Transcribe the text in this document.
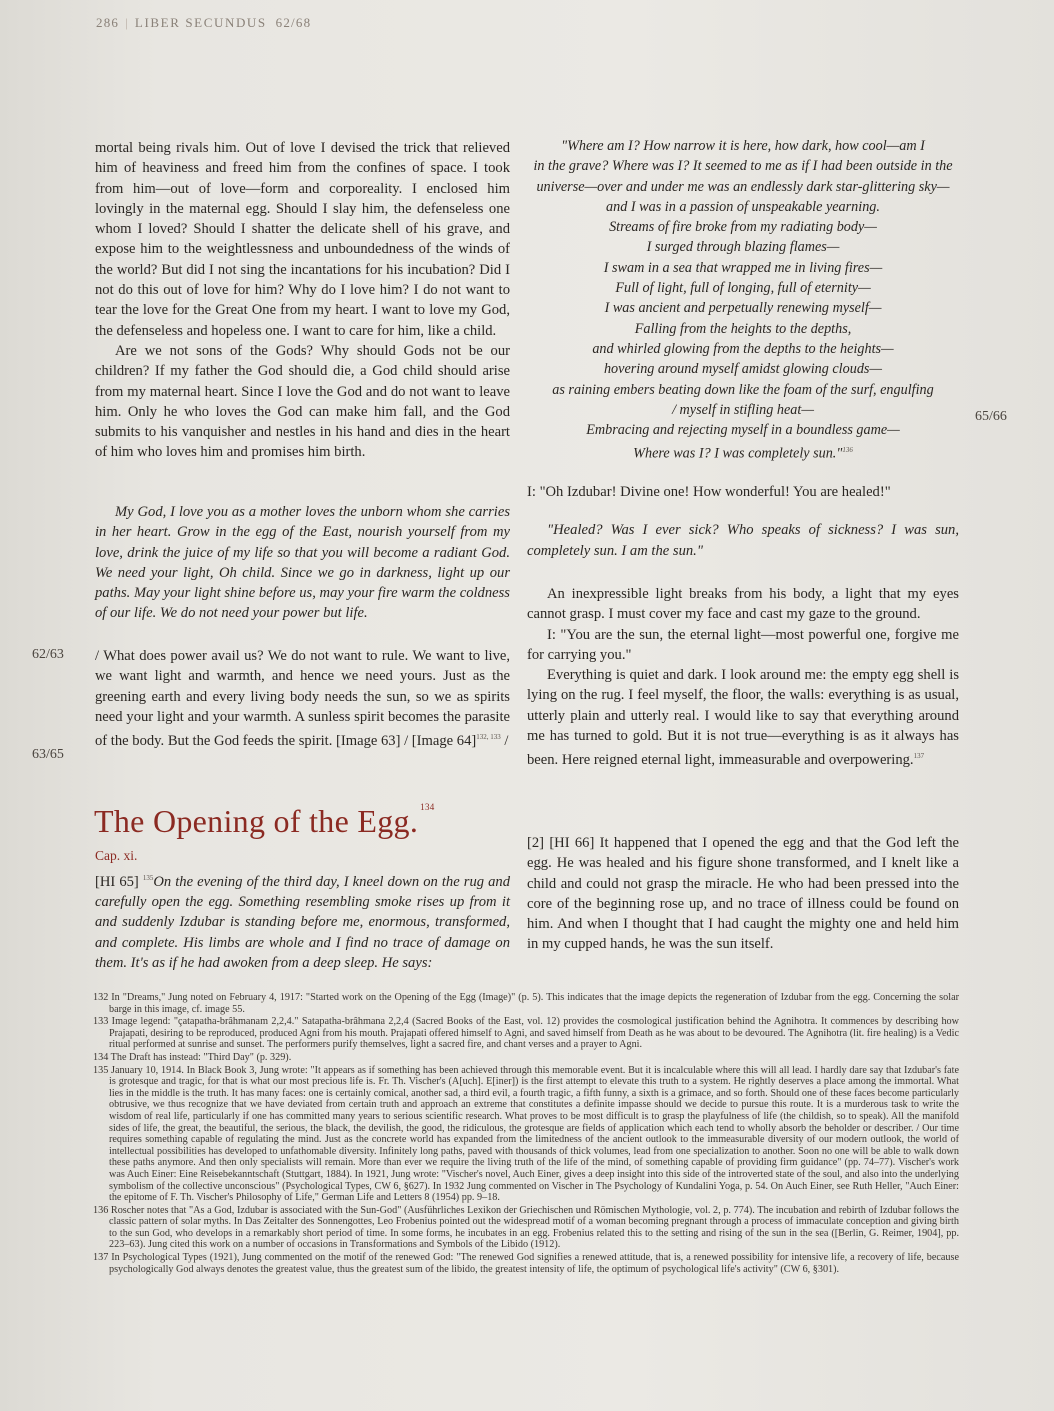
286 | LIBER SECUNDUS 62/68

mortal being rivals him. Out of love I devised the trick that relieved him of heaviness and freed him from the confines of space. I took from him—out of love—form and corporeality. I enclosed him lovingly in the maternal egg. Should I slay him, the defenseless one whom I loved? Should I shatter the delicate shell of his grave, and expose him to the weightlessness and unboundedness of the winds of the world? But did I not sing the incantations for his incubation? Did I not do this out of love for him? Why do I love him? I do not want to tear the love for the Great One from my heart. I want to love my God, the defenseless and hopeless one. I want to care for him, like a child.

Are we not sons of the Gods? Why should Gods not be our children? If my father the God should die, a God child should arise from my maternal heart. Since I love the God and do not want to leave him. Only he who loves the God can make him fall, and the God submits to his vanquisher and nestles in his hand and dies in the heart of him who loves him and promises him birth.

My God, I love you as a mother loves the unborn whom she carries in her heart. Grow in the egg of the East, nourish yourself from my love, drink the juice of my life so that you will become a radiant God. We need your light, Oh child. Since we go in darkness, light up our paths. May your light shine before us, may your fire warm the coldness of our life. We do not need your power but life.

/ What does power avail us? We do not want to rule. We want to live, we want light and warmth, and hence we need yours. Just as the greening earth and every living body needs the sun, so we as spirits need your light and your warmth. A sunless spirit becomes the parasite of the body. But the God feeds the spirit. [Image 63] / [Image 64]$^{132, 133}$ /

62/63
63/65
65/66
The Opening of the Egg. $^{134}$
Cap. xi.

[HI 65] $^{135}$On the evening of the third day, I kneel down on the rug and carefully open the egg. Something resembling smoke rises up from it and suddenly Izdubar is standing before me, enormous, transformed, and complete. His limbs are whole and I find no trace of damage on them. It's as if he had awoken from a deep sleep. He says:

"Where am I? How narrow it is here, how dark, how cool—am I
in the grave? Where was I? It seemed to me as if I had been outside in the
universe—over and under me was an endlessly dark star-glittering sky—
and I was in a passion of unspeakable yearning.
Streams of fire broke from my radiating body—
I surged through blazing flames—
I swam in a sea that wrapped me in living fires—
Full of light, full of longing, full of eternity—
I was ancient and perpetually renewing myself—
Falling from the heights to the depths,
and whirled glowing from the depths to the heights—
hovering around myself amidst glowing clouds—
as raining embers beating down like the foam of the surf, engulfing
/ myself in stifling heat—
Embracing and rejecting myself in a boundless game—
Where was I? I was completely sun."$^{136}$

I: "Oh Izdubar! Divine one! How wonderful! You are healed!"

"Healed? Was I ever sick? Who speaks of sickness? I was sun, completely sun. I am the sun."

An inexpressible light breaks from his body, a light that my eyes cannot grasp. I must cover my face and cast my gaze to the ground.

I: "You are the sun, the eternal light—most powerful one, forgive me for carrying you."

Everything is quiet and dark. I look around me: the empty egg shell is lying on the rug. I feel myself, the floor, the walls: everything is as usual, utterly plain and utterly real. I would like to say that everything around me has turned to gold. But it is not true—everything is as it always has been. Here reigned eternal light, immeasurable and overpowering.$^{137}$

[2] [HI 66] It happened that I opened the egg and that the God left the egg. He was healed and his figure shone transformed, and I knelt like a child and could not grasp the miracle. He who had been pressed into the core of the beginning rose up, and no trace of illness could be found on him. And when I thought that I had caught the mighty one and held him in my cupped hands, he was the sun itself.

132 In "Dreams," Jung noted on February 4, 1917: "Started work on the Opening of the Egg (Image)" (p. 5). This indicates that the image depicts the regeneration of Izdubar from the egg. Concerning the solar barge in this image, cf. image 55.

133 Image legend: "çatapatha-brâhmanam 2,2,4." Satapatha-brâhmana 2,2,4 (Sacred Books of the East, vol. 12) provides the cosmological justification behind the Agnihotra. It commences by describing how Prajapati, desiring to be reproduced, produced Agni from his mouth. Prajapati offered himself to Agni, and saved himself from Death as he was about to be devoured. The Agnihotra (lit. fire healing) is a Vedic ritual performed at sunrise and sunset. The performers purify themselves, light a sacred fire, and chant verses and a prayer to Agni.

134 The Draft has instead: "Third Day" (p. 329).

135 January 10, 1914. In Black Book 3, Jung wrote: "It appears as if something has been achieved through this memorable event. But it is incalculable where this will all lead. I hardly dare say that Izdubar's fate is grotesque and tragic, for that is what our most precious life is. Fr. Th. Vischer's (A[uch]. E[iner]) is the first attempt to elevate this truth to a system. He rightly deserves a place among the immortal. What lies in the middle is the truth. It has many faces: one is certainly comical, another sad, a third evil, a fourth tragic, a fifth funny, a sixth is a grimace, and so forth. Should one of these faces become particularly obtrusive, we thus recognize that we have deviated from certain truth and approach an extreme that constitutes a definite impasse should we decide to pursue this route. It is a murderous task to write the wisdom of real life, particularly if one has committed many years to serious scientific research. What proves to be most difficult is to grasp the playfulness of life (the childish, so to speak). All the manifold sides of life, the great, the beautiful, the serious, the black, the devilish, the good, the ridiculous, the grotesque are fields of application which each tend to wholly absorb the beholder or describer. / Our time requires something capable of regulating the mind. Just as the concrete world has expanded from the limitedness of the ancient outlook to the immeasurable diversity of our modern outlook, the world of intellectual possibilities has developed to unfathomable diversity. Infinitely long paths, paved with thousands of thick volumes, lead from one specialization to another. Soon no one will be able to walk down these paths anymore. And then only specialists will remain. More than ever we require the living truth of the life of the mind, of something capable of providing firm guidance" (pp. 74–77). Vischer's work was Auch Einer: Eine Reisebekanntschaft (Stuttgart, 1884). In 1921, Jung wrote: "Vischer's novel, Auch Einer, gives a deep insight into this side of the introverted state of the soul, and also into the underlying symbolism of the collective unconscious" (Psychological Types, CW 6, §627). In 1932 Jung commented on Vischer in The Psychology of Kundalini Yoga, p. 54. On Auch Einer, see Ruth Heller, "Auch Einer: the epitome of F. Th. Vischer's Philosophy of Life," German Life and Letters 8 (1954) pp. 9–18.

136 Roscher notes that "As a God, Izdubar is associated with the Sun-God" (Ausführliches Lexikon der Griechischen und Römischen Mythologie, vol. 2, p. 774). The incubation and rebirth of Izdubar follows the classic pattern of solar myths. In Das Zeitalter des Sonnengottes, Leo Frobenius pointed out the widespread motif of a woman becoming pregnant through a process of immaculate conception and giving birth to the sun God, who develops in a remarkably short period of time. In some forms, he incubates in an egg. Frobenius related this to the setting and rising of the sun in the sea ([Berlin, G. Reimer, 1904], pp. 223–63). Jung cited this work on a number of occasions in Transformations and Symbols of the Libido (1912).

137 In Psychological Types (1921), Jung commented on the motif of the renewed God: "The renewed God signifies a renewed attitude, that is, a renewed possibility for intensive life, a recovery of life, because psychologically God always denotes the greatest value, thus the greatest sum of the libido, the greatest intensity of life, the optimum of psychological life's activity" (CW 6, §301).
